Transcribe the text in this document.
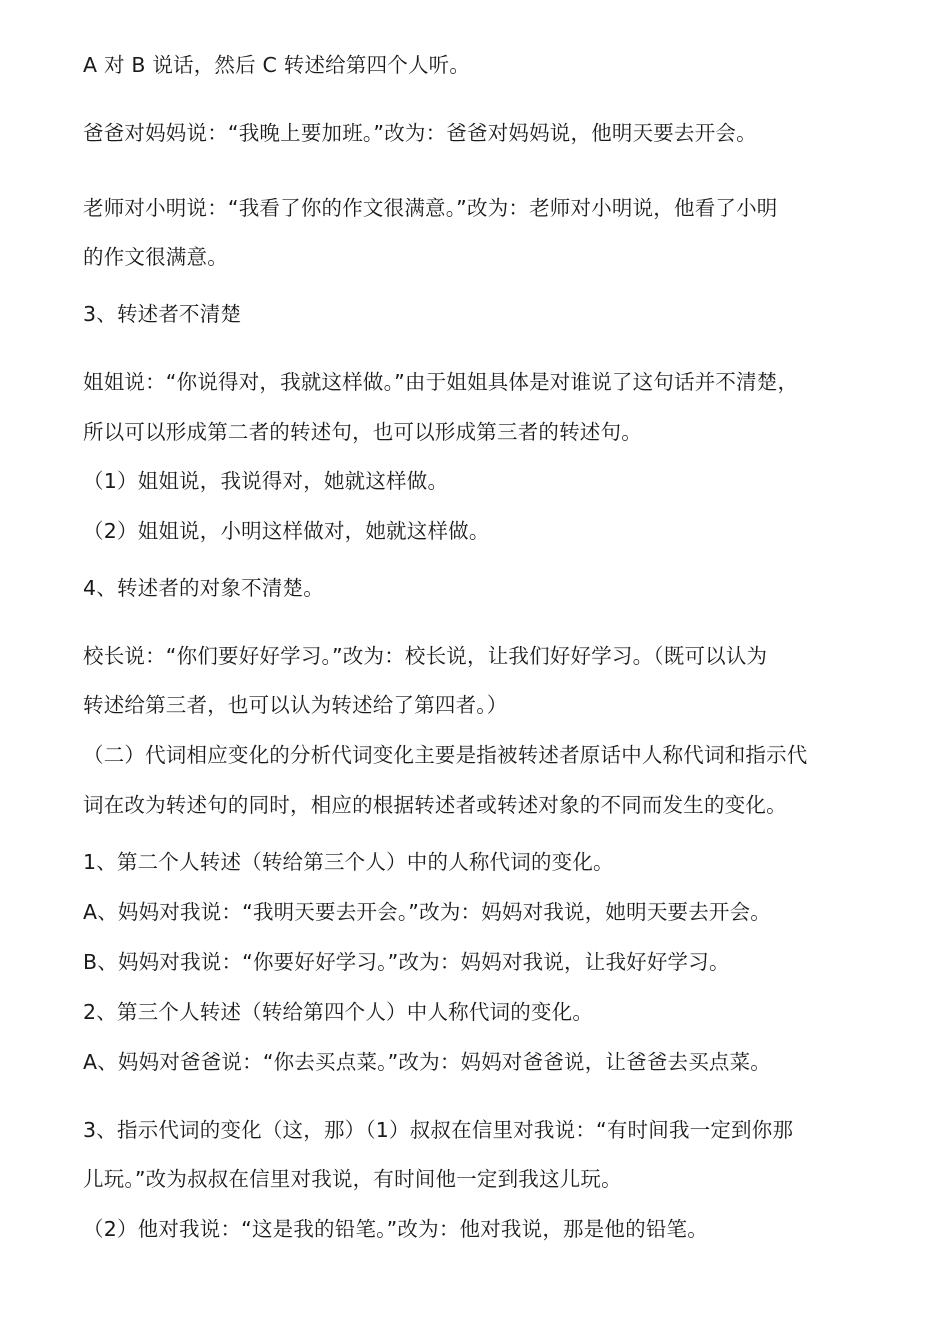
A 对 B 说话，然后 C 转述给第四个人听。
爸爸对妈妈说：“我晚上要加班。”改为：爸爸对妈妈说，他明天要去开会。
老师对小明说：“我看了你的作文很满意。”改为：老师对小明说，他看了小明
的作文很满意。
3、转述者不清楚
姐姐说：“你说得对，我就这样做。”由于姐姐具体是对谁说了这句话并不清楚，
所以可以形成第二者的转述句，也可以形成第三者的转述句。
（1）姐姐说，我说得对，她就这样做。
（2）姐姐说，小明这样做对，她就这样做。
4、转述者的对象不清楚。
校长说：“你们要好好学习。”改为：校长说，让我们好好学习。（既可以认为
转述给第三者，也可以认为转述给了第四者。）
（二）代词相应变化的分析代词变化主要是指被转述者原话中人称代词和指示代
词在改为转述句的同时，相应的根据转述者或转述对象的不同而发生的变化。
1、第二个人转述（转给第三个人）中的人称代词的变化。
A、妈妈对我说：“我明天要去开会。”改为：妈妈对我说，她明天要去开会。
B、妈妈对我说：“你要好好学习。”改为：妈妈对我说，让我好好学习。
2、第三个人转述（转给第四个人）中人称代词的变化。
A、妈妈对爸爸说：“你去买点菜。”改为：妈妈对爸爸说，让爸爸去买点菜。
3、指示代词的变化（这，那）（1）叔叔在信里对我说：“有时间我一定到你那
儿玩。”改为叔叔在信里对我说，有时间他一定到我这儿玩。
（2）他对我说：“这是我的铅笔。”改为：他对我说，那是他的铅笔。
